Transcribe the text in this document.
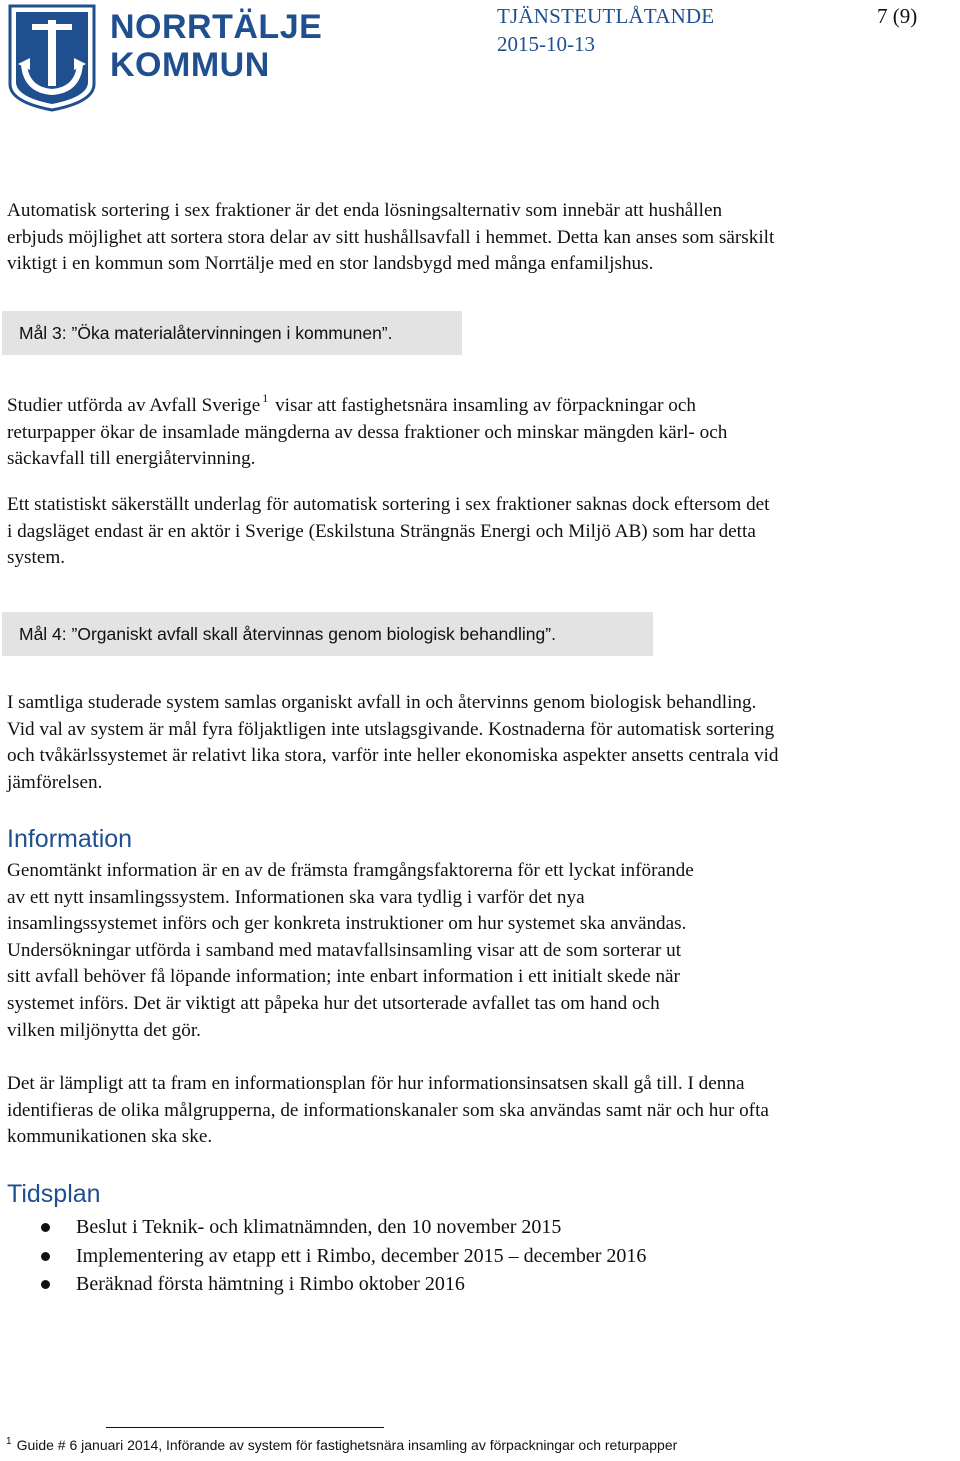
NORRTÄLJE
KOMMUN
TJÄNSTEUTLÅTANDE
2015-10-13
7 (9)

Automatisk sortering i sex fraktioner är det enda lösningsalternativ som innebär att hushållen
erbjuds möjlighet att sortera stora delar av sitt hushållsavfall i hemmet. Detta kan anses som särskilt
viktigt i en kommun som Norrtälje med en stor landsbygd med många enfamiljshus.

Mål 3: ”Öka materialåtervinningen i kommunen”.

Studier utförda av Avfall Sverige $^1$ visar att fastighetsnära insamling av förpackningar och
returpapper ökar de insamlade mängderna av dessa fraktioner och minskar mängden kärl- och
säckavfall till energiåtervinning.

Ett statistiskt säkerställt underlag för automatisk sortering i sex fraktioner saknas dock eftersom det
i dagsläget endast är en aktör i Sverige (Eskilstuna Strängnäs Energi och Miljö AB) som har detta
system.

Mål 4: ”Organiskt avfall skall återvinnas genom biologisk behandling”.

I samtliga studerade system samlas organiskt avfall in och återvinns genom biologisk behandling.
Vid val av system är mål fyra följaktligen inte utslagsgivande. Kostnaderna för automatisk sortering
och tvåkärlssystemet är relativt lika stora, varför inte heller ekonomiska aspekter ansetts centrala vid
jämförelsen.

Information

Genomtänkt information är en av de främsta framgångsfaktorerna för ett lyckat införande
av ett nytt insamlingssystem. Informationen ska vara tydlig i varför det nya
insamlingssystemet införs och ger konkreta instruktioner om hur systemet ska användas.
Undersökningar utförda i samband med matavfallsinsamling visar att de som sorterar ut
sitt avfall behöver få löpande information; inte enbart information i ett initialt skede när
systemet införs. Det är viktigt att påpeka hur det utsorterade avfallet tas om hand och
vilken miljönytta det gör.

Det är lämpligt att ta fram en informationsplan för hur informationsinsatsen skall gå till. I denna
identifieras de olika målgrupperna, de informationskanaler som ska användas samt när och hur ofta
kommunikationen ska ske.

Tidsplan
Beslut i Teknik- och klimatnämnden, den 10 november 2015
Implementering av etapp ett i Rimbo, december 2015 – december 2016
Beräknad första hämtning i Rimbo oktober 2016
$^1$ Guide # 6 januari 2014, Införande av system för fastighetsnära insamling av förpackningar och returpapper
